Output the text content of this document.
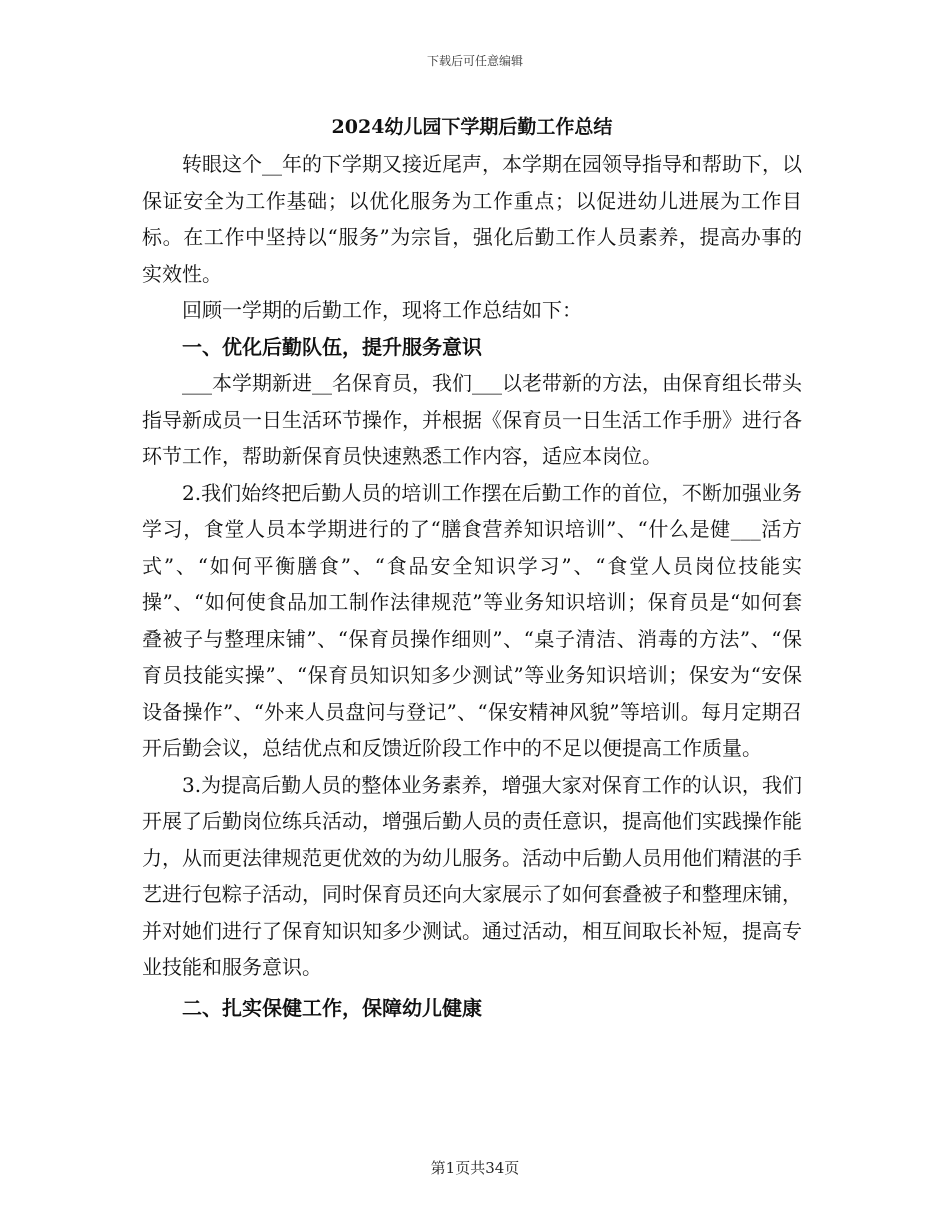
下载后可任意编辑
2024幼儿园下学期后勤工作总结

转眼这个__年的下学期又接近尾声，本学期在园领导指导和帮助下，以保证安全为工作基础；以优化服务为工作重点；以促进幼儿进展为工作目标。在工作中坚持以“服务”为宗旨，强化后勤工作人员素养，提高办事的实效性。

回顾一学期的后勤工作，现将工作总结如下：

一、优化后勤队伍，提升服务意识

___本学期新进__名保育员，我们___以老带新的方法，由保育组长带头指导新成员一日生活环节操作，并根据《保育员一日生活工作手册》进行各环节工作，帮助新保育员快速熟悉工作内容，适应本岗位。

2.我们始终把后勤人员的培训工作摆在后勤工作的首位，不断加强业务学习，食堂人员本学期进行的了“膳食营养知识培训”、“什么是健___活方式”、“如何平衡膳食”、“食品安全知识学习”、“食堂人员岗位技能实操”、“如何使食品加工制作法律规范”等业务知识培训；保育员是“如何套叠被子与整理床铺”、“保育员操作细则”、“桌子清洁、消毒的方法”、“保育员技能实操”、“保育员知识知多少测试”等业务知识培训；保安为“安保设备操作”、“外来人员盘问与登记”、“保安精神风貌”等培训。每月定期召开后勤会议，总结优点和反馈近阶段工作中的不足以便提高工作质量。

3.为提高后勤人员的整体业务素养，增强大家对保育工作的认识，我们开展了后勤岗位练兵活动，增强后勤人员的责任意识，提高他们实践操作能力，从而更法律规范更优效的为幼儿服务。活动中后勤人员用他们精湛的手艺进行包粽子活动，同时保育员还向大家展示了如何套叠被子和整理床铺，并对她们进行了保育知识知多少测试。通过活动，相互间取长补短，提高专业技能和服务意识。

二、扎实保健工作，保障幼儿健康

第1页共34页
